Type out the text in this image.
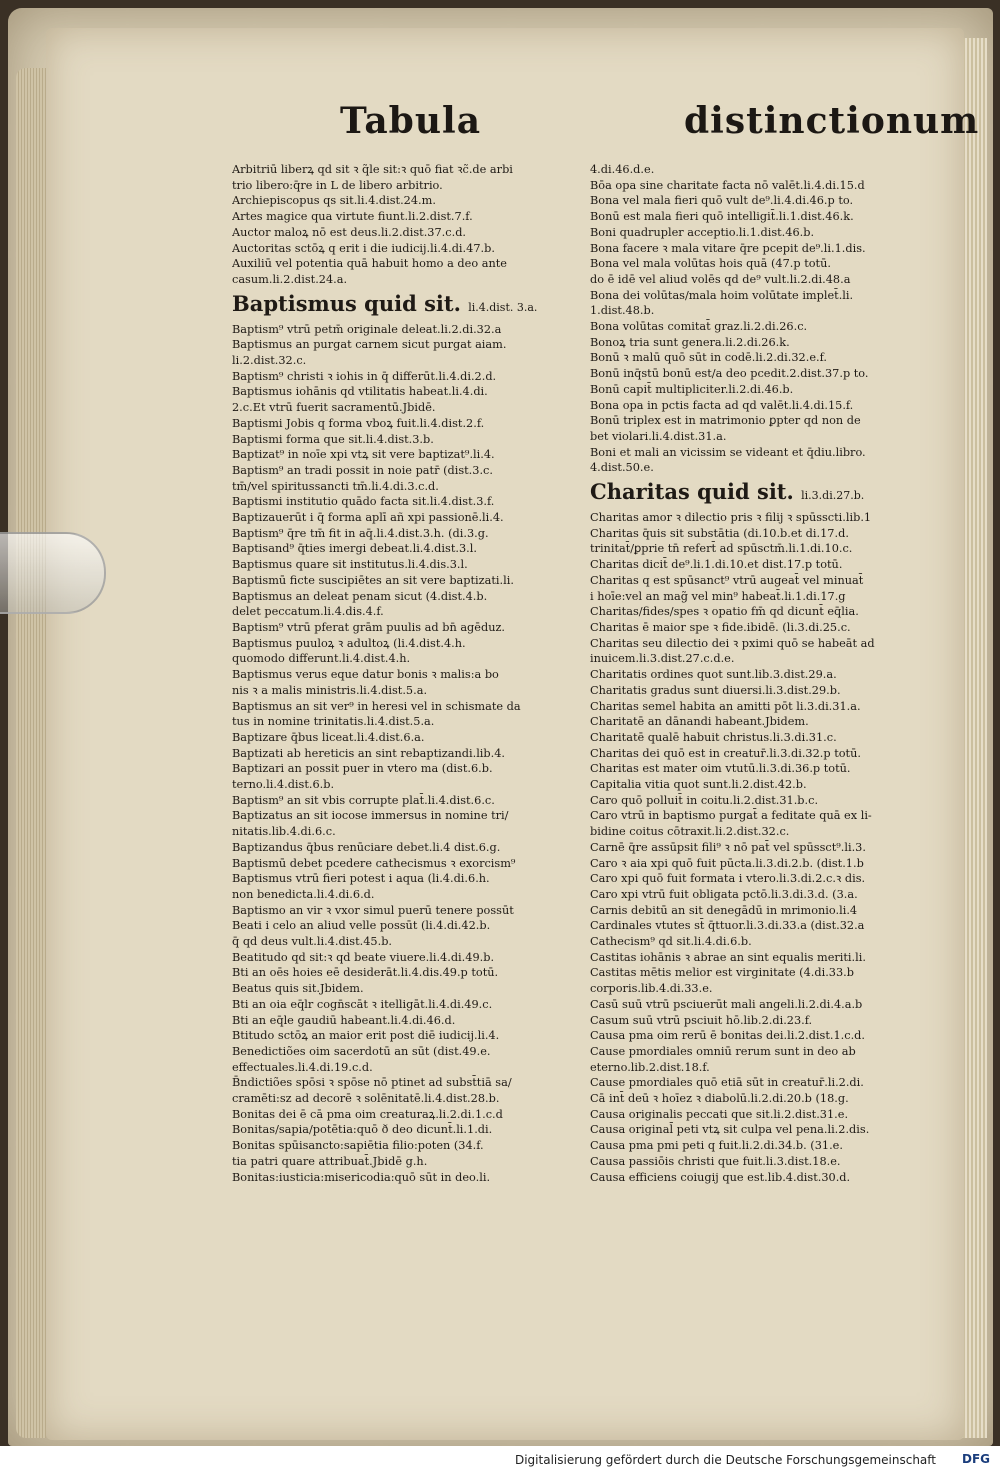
Tabula	distinctionum
Arbitriū liberꝝ qd sit ꝛ q̃le sit:ꝛ quō fiat ꝛc̃.de arbi
trio libero:q̄re in L de libero arbitrio.
Archiepiscopus qs sit.li.4.dist.24.m.
Artes magice qua virtute fiunt.li.2.dist.7.f.
Auctor maloꝝ nō est deus.li.2.dist.37.c.d.
Auctoritas sctōꝝ q erit i die iudicij.li.4.di.47.b.
Auxiliū vel potentia quā habuit homo a deo ante
casum.li.2.dist.24.a.
Baptismus quid sit. li.4.dist. 3.a.
Baptism⁹ vtrū petm̄ originale deleat.li.2.di.32.a
Baptismus an purgat carnem sicut purgat aiam.
li.2.dist.32.c.
Baptism⁹ christi ꝛ iohis in q̄ differūt.li.4.di.2.d.
Baptismus iohānis qd vtilitatis habeat.li.4.di.
2.c.Et vtrū fuerit sacramentū.Jbidē.
Baptismi Jobis q forma vboꝝ fuit.li.4.dist.2.f.
Baptismi forma que sit.li.4.dist.3.b.
Baptizat⁹ in noīe xpi vtꝝ sit vere baptizat⁹.li.4.
Baptism⁹ an tradi possit in noie patr̄ (dist.3.c.
tm̄/vel spiritussancti tm̄.li.4.di.3.c.d.
Baptismi institutio quādo facta sit.li.4.dist.3.f.
Baptizauerūt i q̄ forma aplī añ xpi passionē.li.4.
Baptism⁹ q̄re tm̄ fit in aq̄.li.4.dist.3.h. (di.3.g.
Baptisand⁹ q̄ties imergi debeat.li.4.dist.3.l.
Baptismus quare sit institutus.li.4.dis.3.l.
Baptismū ficte suscipiētes an sit vere baptizati.li.
Baptismus an deleat penam sicut (4.dist.4.b.
delet peccatum.li.4.dis.4.f.
Baptism⁹ vtrū pferat grām puulis ad bn̄ agēduz.
Baptismus puuloꝝ ꝛ adultoꝝ (li.4.dist.4.h.
quomodo differunt.li.4.dist.4.h.
Baptismus verus eque datur bonis ꝛ malis:a bo
nis ꝛ a malis ministris.li.4.dist.5.a.
Baptismus an sit ver⁹ in heresi vel in schismate da
tus in nomine trinitatis.li.4.dist.5.a.
Baptizare q̄bus liceat.li.4.dist.6.a.
Baptizati ab hereticis an sint rebaptizandi.lib.4.
Baptizari an possit puer in vtero ma (dist.6.b.
terno.li.4.dist.6.b.
Baptism⁹ an sit vbis corrupte plat̄.li.4.dist.6.c.
Baptizatus an sit iocose immersus in nomine tri/
nitatis.lib.4.di.6.c.
Baptizandus q̄bus renūciare debet.li.4 dist.6.g.
Baptismū debet pcedere cathecismus ꝛ exorcism⁹
Baptismus vtrū fieri potest i aqua (li.4.di.6.h.
non benedicta.li.4.di.6.d.
Baptismo an vir ꝛ vxor simul puerū tenere possūt
Beati i celo an aliud velle possūt (li.4.di.42.b.
q̄ qd deus vult.li.4.dist.45.b.
Beatitudo qd sit:ꝛ qd beate viuere.li.4.di.49.b.
Bti an oēs hoies eē desiderāt.li.4.dis.49.p totū.
Beatus quis sit.Jbidem.
Bti an oia eq̄lr cogn̄scāt ꝛ itelligāt.li.4.di.49.c.
Bti an eq̄le gaudiū habeant.li.4.di.46.d.
Btitudo sctōꝝ an maior erit post diē iudicij.li.4.
Benedictiões oim sacerdotū an sūt (dist.49.e.
effectuales.li.4.di.19.c.d.
B̄ndictiões spōsi ꝛ spōse nō ptinet ad subst̄tiā sa/
cramēti:sz ad decorē ꝛ solēnitatē.li.4.dist.28.b.
Bonitas dei ē cā pma oim creaturaꝝ.li.2.di.1.c.d
Bonitas/sapia/potētia:quō ð deo dicunt̄.li.1.di.
Bonitas spūisancto:sapiētia filio:poten (34.f.
tia patri quare attribuat̄.Jbidē g.h.
Bonitas:iusticia:misericodia:quō sūt in deo.li.
4.di.46.d.e.
Bōa opa sine charitate facta nō valēt.li.4.di.15.d
Bona vel mala fieri quō vult de⁹.li.4.di.46.p to.
Bonū est mala fieri quō intelligit̄.li.1.dist.46.k.
Boni quadrupler acceptio.li.1.dist.46.b.
Bona facere ꝛ mala vitare q̄re pcepit de⁹.li.1.dis.
Bona vel mala volūtas hois quā (47.p totū.
do ē idē vel aliud volēs qd de⁹ vult.li.2.di.48.a
Bona dei volūtas/mala hoim volūtate implet̄.li.
1.dist.48.b.
Bona volūtas comitat̄ graz.li.2.di.26.c.
Bonoꝝ tria sunt genera.li.2.di.26.k.
Bonū ꝛ malū quō sūt in codē.li.2.di.32.e.f.
Bonū inq̄stū bonū est/a deo pcedit.2.dist.37.p to.
Bonū capit̄ multipliciter.li.2.di.46.b.
Bona opa in pctis facta ad qd valēt.li.4.di.15.f.
Bonū triplex est in matrimonio ꝑpter qd non de
bet violari.li.4.dist.31.a.
Boni et mali an vicissim se videant et q̄diu.libro.
4.dist.50.e.
Charitas quid sit. li.3.di.27.b.
Charitas amor ꝛ dilectio pris ꝛ filij ꝛ spūsscti.lib.1
Charitas q̄uis sit substātia (di.10.b.et di.17.d.
trinitat̄/ꝑprie tn̄ refert̄ ad spūsctm̄.li.1.di.10.c.
Charitas dicit̄ de⁹.li.1.di.10.et dist.17.p totū.
Charitas q est spūsanct⁹ vtrū augeat̄ vel minuat̄
i hoīe:vel an mag̃ vel min⁹ habeat̄.li.1.di.17.g
Charitas/fides/spes ꝛ opatio fm̄ qd dicunt̄ eq̄lia.
Charitas ē maior spe ꝛ fide.ibidē. (li.3.di.25.c.
Charitas seu dilectio dei ꝛ pximi quō se habeāt ad
inuicem.li.3.dist.27.c.d.e.
Charitatis ordines quot sunt.lib.3.dist.29.a.
Charitatis gradus sunt diuersi.li.3.dist.29.b.
Charitas semel habita an amitti pōt li.3.di.31.a.
Charitatē an dānandi habeant.Jbidem.
Charitatē qualē habuit christus.li.3.di.31.c.
Charitas dei quō est in creatur̄.li.3.di.32.p totū.
Charitas est mater oim vtutū.li.3.di.36.p totū.
Capitalia vitia quot sunt.li.2.dist.42.b.
Caro quō polluit̄ in coitu.li.2.dist.31.b.c.
Caro vtrū in baptismo purgat̄ a feditate quā ex li-
bidine coitus cōtraxit.li.2.dist.32.c.
Carnē q̄re assūpsit fili⁹ ꝛ nō pat̄ vel spūssct⁹.li.3.
Caro ꝛ aia xpi quō fuit pūcta.li.3.di.2.b. (dist.1.b
Caro xpi quō fuit formata i vtero.li.3.di.2.c.ꝛ dis.
Caro xpi vtrū fuit obligata pctō.li.3.di.3.d. (3.a.
Carnis debitū an sit denegādū in mrimonio.li.4
Cardinales vtutes st̄ q̄ttuor.li.3.di.33.a (dist.32.a
Cathecism⁹ qd sit.li.4.di.6.b.
Castitas iohānis ꝛ abrae an sint equalis meriti.li.
Castitas mētis melior est virginitate (4.di.33.b
corporis.lib.4.di.33.e.
Casū suū vtrū psciuerūt mali angeli.li.2.di.4.a.b
Casum suū vtrū psciuit hō.lib.2.di.23.f.
Causa pma oim rerū ē bonitas dei.li.2.dist.1.c.d.
Cause pmordiales omniū rerum sunt in deo ab
eterno.lib.2.dist.18.f.
Cause pmordiales quō etiā sūt in creatur̄.li.2.di.
Cā int̄ deū ꝛ hoīez ꝛ diabolū.li.2.di.20.b (18.g.
Causa originalis peccati que sit.li.2.dist.31.e.
Causa original̄ peti vtꝝ sit culpa vel pena.li.2.dis.
Causa pma pmi peti q fuit.li.2.di.34.b. (31.e.
Causa passiōis christi que fuit.li.3.dist.18.e.
Causa efficiens coiugij que est.lib.4.dist.30.d.
Digitalisierung gefördert durch die Deutsche Forschungsgemeinschaft DFG
